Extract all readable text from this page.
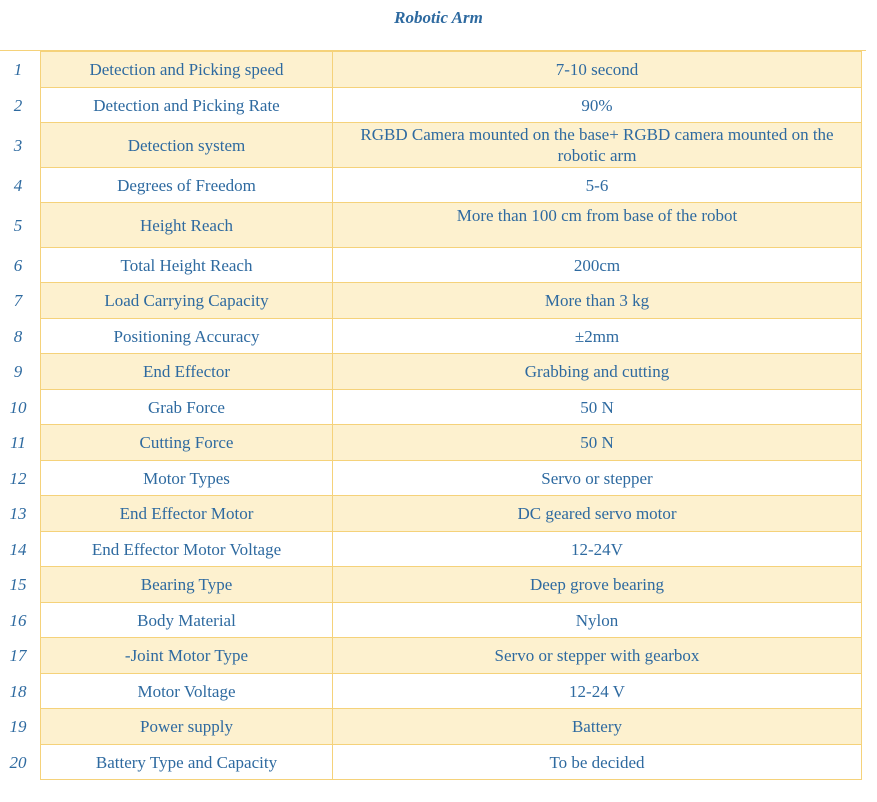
Robotic Arm
1	Detection and Picking speed	7-10 second
2	Detection and Picking Rate	90%
3	Detection system	RGBD Camera mounted on the base+ RGBD camera mounted on the robotic arm
4	Degrees of Freedom	5-6
5	Height Reach	More than 100 cm from base of the robot
6	Total Height Reach	200cm
7	Load Carrying Capacity	More than 3 kg
8	Positioning Accuracy	±2mm
9	End Effector	Grabbing and cutting
10	Grab Force	50 N
11	Cutting Force	50 N
12	Motor Types	Servo or stepper
13	End Effector Motor	DC geared servo motor
14	End Effector Motor Voltage	12-24V
15	Bearing Type	Deep grove bearing
16	Body Material	Nylon
17	-Joint Motor Type	Servo or stepper with gearbox
18	Motor Voltage	12-24 V
19	Power supply	Battery
20	Battery Type and Capacity	To be decided
